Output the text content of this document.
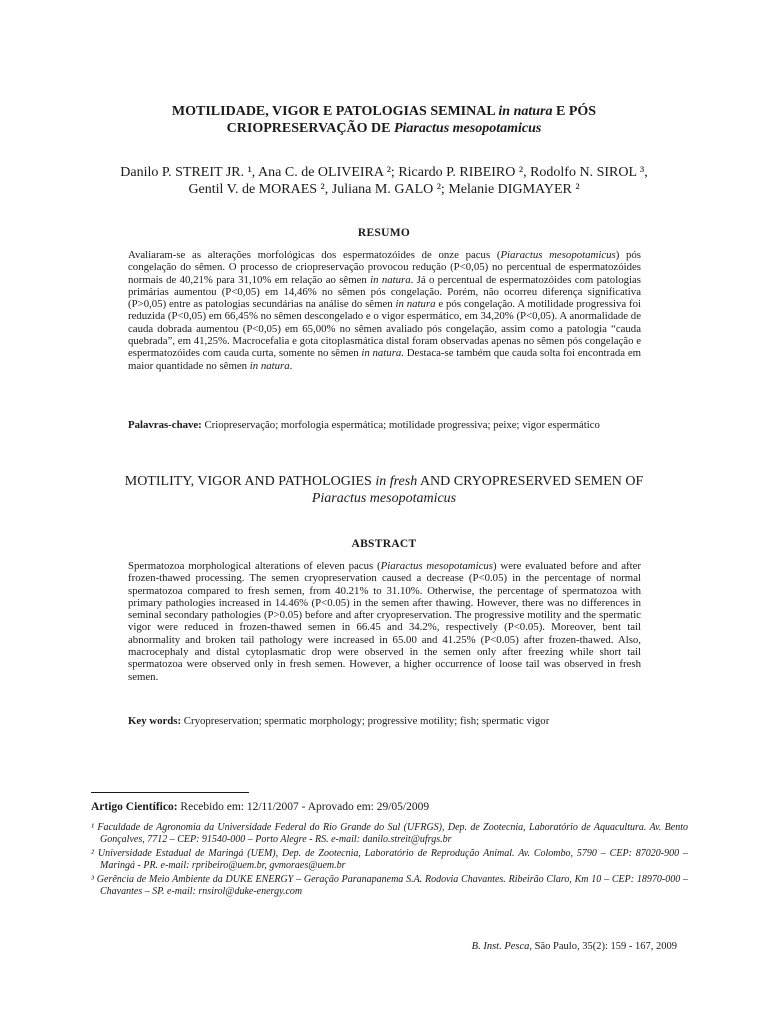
MOTILIDADE, VIGOR E PATOLOGIAS SEMINAL in natura E PÓS
CRIOPRESERVAÇÃO DE Piaractus mesopotamicus
Danilo P. STREIT JR. ¹, Ana C. de OLIVEIRA ²; Ricardo P. RIBEIRO ², Rodolfo N. SIROL ³,
Gentil V. de MORAES ², Juliana M. GALO ²; Melanie DIGMAYER ²
RESUMO
Avaliaram-se as alterações morfológicas dos espermatozóides de onze pacus (Piaractus mesopotamicus) pós congelação do sêmen. O processo de criopreservação provocou redução (P<0,05) no percentual de espermatozóides normais de 40,21% para 31,10% em relação ao sêmen in natura. Já o percentual de espermatozóides com patologias primárias aumentou (P<0,05) em 14,46% no sêmen pós congelação. Porém, não ocorreu diferença significativa (P>0,05) entre as patologias secundárias na análise do sêmen in natura e pós congelação. A motilidade progressiva foi reduzida (P<0,05) em 66,45% no sêmen descongelado e o vigor espermático, em 34,20% (P<0,05). A anormalidade de cauda dobrada aumentou (P<0,05) em 65,00% no sêmen avaliado pós congelação, assim como a patologia “cauda quebrada”, em 41,25%. Macrocefalia e gota citoplasmática distal foram observadas apenas no sêmen pós congelação e espermatozóides com cauda curta, somente no sêmen in natura. Destaca-se também que cauda solta foi encontrada em maior quantidade no sêmen in natura.
Palavras-chave: Criopreservação; morfologia espermática; motilidade progressiva; peixe; vigor espermático
MOTILITY, VIGOR AND PATHOLOGIES in fresh AND CRYOPRESERVED SEMEN OF
Piaractus mesopotamicus
ABSTRACT
Spermatozoa morphological alterations of eleven pacus (Piaractus mesopotamicus) were evaluated before and after frozen-thawed processing. The semen cryopreservation caused a decrease (P<0.05) in the percentage of normal spermatozoa compared to fresh semen, from 40.21% to 31.10%. Otherwise, the percentage of spermatozoa with primary pathologies increased in 14.46% (P<0.05) in the semen after thawing. However, there was no differences in seminal secondary pathologies (P>0.05) before and after cryopreservation. The progressive motility and the spermatic vigor were reduced in frozen-thawed semen in 66.45 and 34.2%, respectively (P<0.05). Moreover, bent tail abnormality and broken tail pathology were increased in 65.00 and 41.25% (P<0.05) after frozen-thawed. Also, macrocephaly and distal cytoplasmatic drop were observed in the semen only after freezing while short tail spermatozoa were observed only in fresh semen. However, a higher occurrence of loose tail was observed in fresh semen.
Key words: Cryopreservation; spermatic morphology; progressive motility; fish; spermatic vigor
Artigo Científico: Recebido em: 12/11/2007 - Aprovado em: 29/05/2009
¹ Faculdade de Agronomia da Universidade Federal do Rio Grande do Sul (UFRGS), Dep. de Zootecnia, Laboratório de Aquacultura. Av. Bento Gonçalves, 7712 – CEP: 91540-000 – Porto Alegre - RS. e-mail: danilo.streit@ufrgs.br
² Universidade Estadual de Maringá (UEM), Dep. de Zootecnia, Laboratório de Reprodução Animal. Av. Colombo, 5790 – CEP: 87020-900 – Maringá - PR. e-mail: rpribeiro@uem.br, gvmoraes@uem.br
³ Gerência de Meio Ambiente da DUKE ENERGY – Geração Paranapanema S.A. Rodovia Chavantes. Ribeirão Claro, Km 10 – CEP: 18970-000 – Chavantes – SP. e-mail: rnsirol@duke-energy.com
B. Inst. Pesca, São Paulo, 35(2): 159 - 167, 2009
